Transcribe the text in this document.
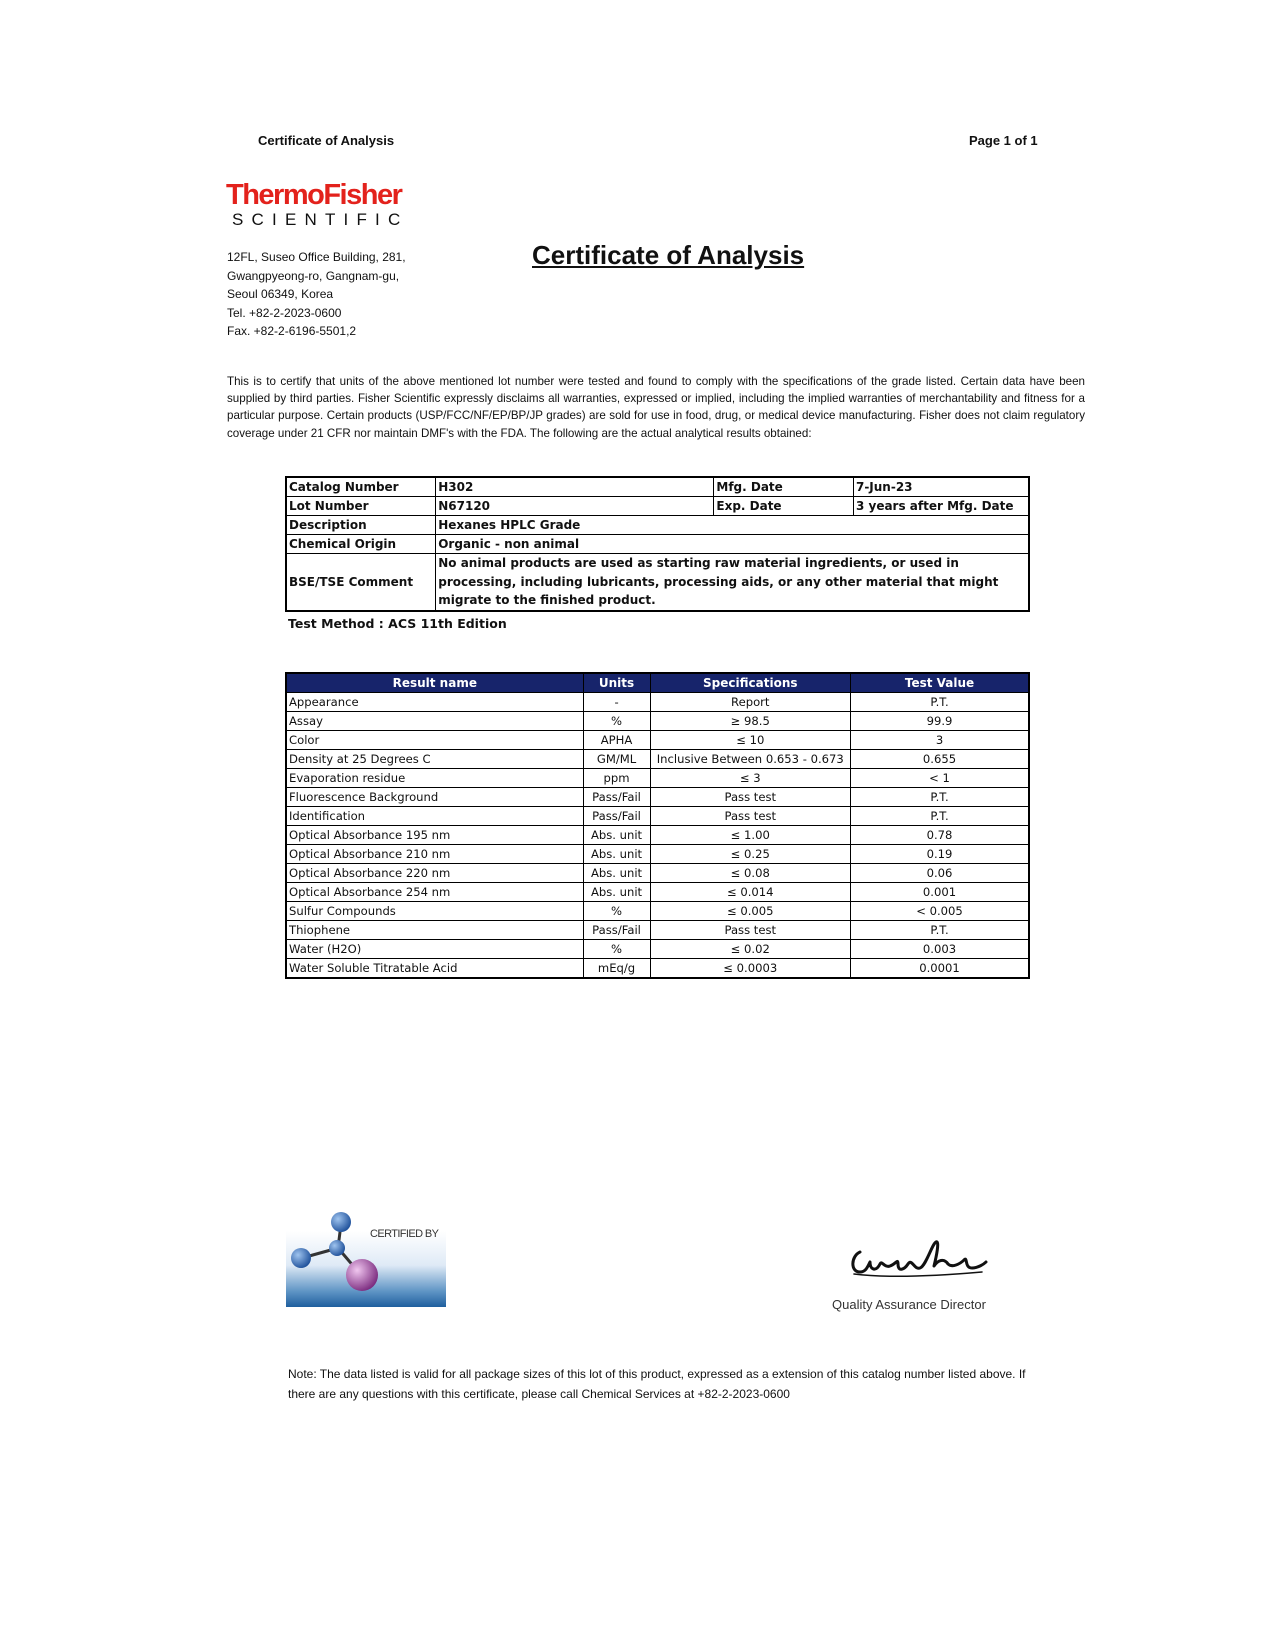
Certificate of Analysis	Page 1 of 1
ThermoFisher
SCIENTIFIC
12FL, Suseo Office Building, 281,
Gwangpyeong-ro, Gangnam-gu,
Seoul 06349, Korea
Tel. +82-2-2023-0600
Fax. +82-2-6196-5501,2
Certificate of Analysis
This is to certify that units of the above mentioned lot number were tested and found to comply with the specifications of the grade listed. Certain data have been supplied by third parties. Fisher Scientific expressly disclaims all warranties, expressed or implied, including the implied warranties of merchantability and fitness for a particular purpose. Certain products (USP/FCC/NF/EP/BP/JP grades) are sold for use in food, drug, or medical device manufacturing. Fisher does not claim regulatory coverage under 21 CFR nor maintain DMF's with the FDA. The following are the actual analytical results obtained:
Catalog Number	H302	Mfg. Date	7-Jun-23
Lot Number	N67120	Exp. Date	3 years after Mfg. Date
Description	Hexanes HPLC Grade		
Chemical Origin	Organic - non animal		
BSE/TSE Comment	No animal products are used as starting raw material ingredients, or used in processing, including lubricants, processing aids, or any other material that might migrate to the finished product.		
Test Method : ACS 11th Edition
Result name	Units	Specifications	Test Value
Appearance	-	Report	P.T.
Assay	%	≥ 98.5	99.9
Color	APHA	≤ 10	3
Density at 25 Degrees C	GM/ML	Inclusive Between 0.653 - 0.673	0.655
Evaporation residue	ppm	≤ 3	< 1
Fluorescence Background	Pass/Fail	Pass test	P.T.
Identification	Pass/Fail	Pass test	P.T.
Optical Absorbance 195 nm	Abs. unit	≤ 1.00	0.78
Optical Absorbance 210 nm	Abs. unit	≤ 0.25	0.19
Optical Absorbance 220 nm	Abs. unit	≤ 0.08	0.06
Optical Absorbance 254 nm	Abs. unit	≤ 0.014	0.001
Sulfur Compounds	%	≤ 0.005	< 0.005
Thiophene	Pass/Fail	Pass test	P.T.
Water (H2O)	%	≤ 0.02	0.003
Water Soluble Titratable Acid	mEq/g	≤ 0.0003	0.0001
CERTIFIED BY
Quality Assurance Director
Note: The data listed is valid for all package sizes of this lot of this product, expressed as a extension of this catalog number listed above. If there are any questions with this certificate, please call Chemical Services at +82-2-2023-0600
